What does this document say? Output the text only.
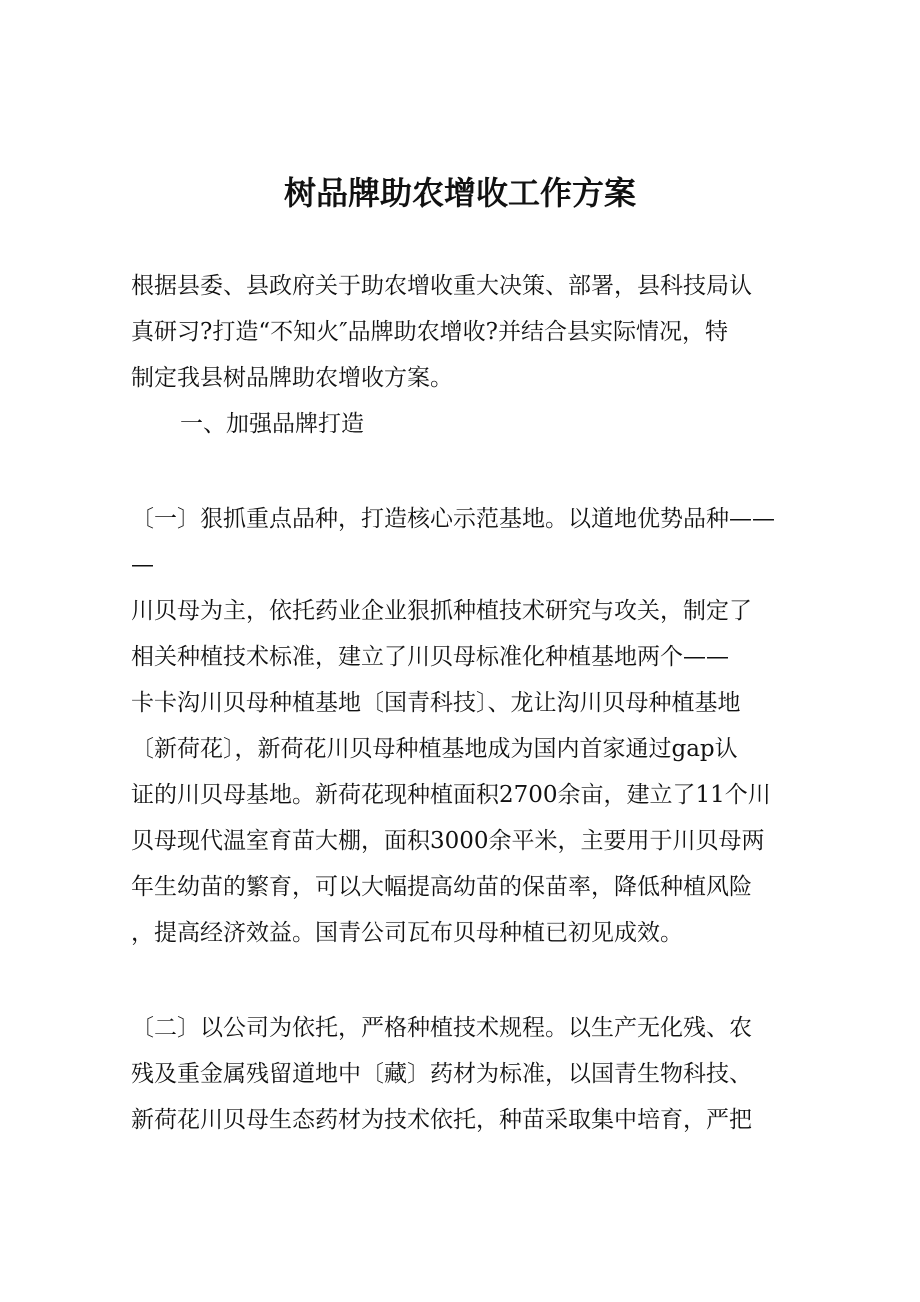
树品牌助农增收工作方案
根据县委、县政府关于助农增收重大决策、部署，县科技局认
真研习?打造“不知火″品牌助农增收?并结合县实际情况，特
制定我县树品牌助农增收方案。
一、加强品牌打造
〔一〕狠抓重点品种，打造核心示范基地。以道地优势品种——
—
川贝母为主，依托药业企业狠抓种植技术研究与攻关，制定了
相关种植技术标准，建立了川贝母标准化种植基地两个——
卡卡沟川贝母种植基地〔国青科技〕、龙让沟川贝母种植基地
〔新荷花〕，新荷花川贝母种植基地成为国内首家通过gap认
证的川贝母基地。新荷花现种植面积2700余亩，建立了11个川
贝母现代温室育苗大棚，面积3000余平米，主要用于川贝母两
年生幼苗的繁育，可以大幅提高幼苗的保苗率，降低种植风险
，提高经济效益。国青公司瓦布贝母种植已初见成效。
〔二〕以公司为依托，严格种植技术规程。以生产无化残、农
残及重金属残留道地中〔藏〕药材为标准，以国青生物科技、
新荷花川贝母生态药材为技术依托，种苗采取集中培育，严把
